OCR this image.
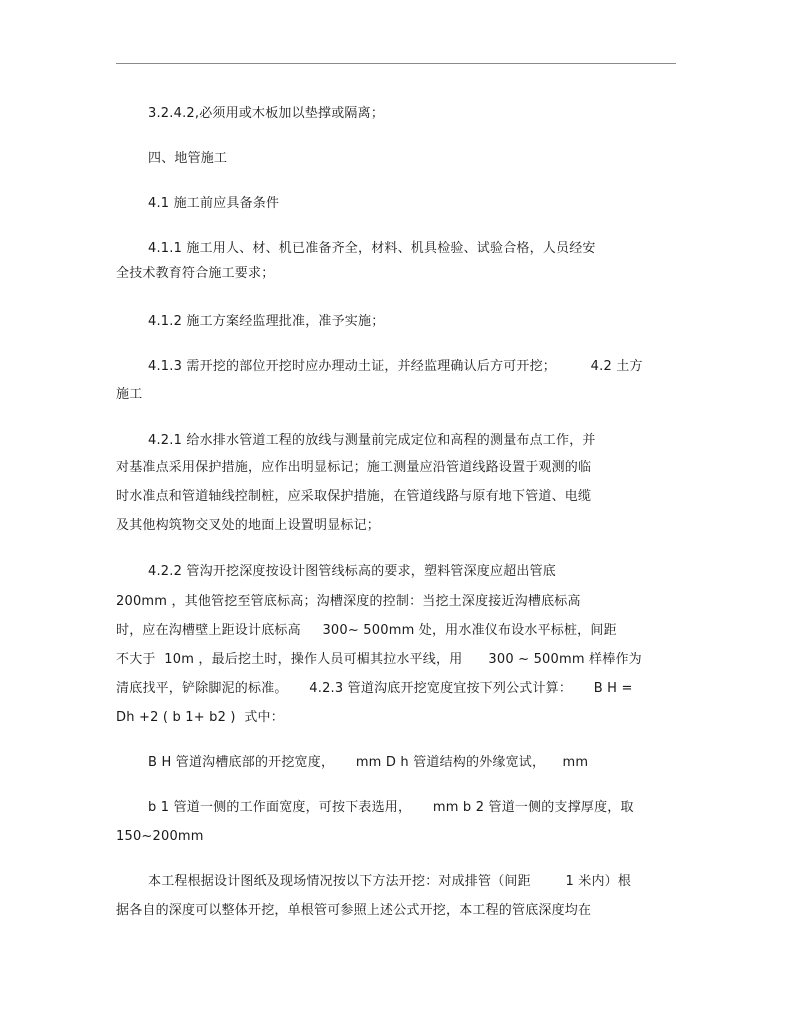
3.2.4.2,必须用或木板加以垫撑或隔离；
四、地管施工
4.1 施工前应具备条件
4.1.1 施工用人、材、机已准备齐全，材料、机具检验、试验合格，人员经安
全技术教育符合施工要求；
4.1.2 施工方案经监理批准，准予实施；
4.1.3 需开挖的部位开挖时应办理动土证，并经监理确认后方可开挖；        4.2 土方
施工
4.2.1 给水排水管道工程的放线与测量前完成定位和高程的测量布点工作，并
对基准点采用保护措施，应作出明显标记；施工测量应沿管道线路设置于观测的临
时水准点和管道轴线控制桩，应采取保护措施，在管道线路与原有地下管道、电缆
及其他构筑物交叉处的地面上设置明显标记；
4.2.2 管沟开挖深度按设计图管线标高的要求，塑料管深度应超出管底
200mm ，其他管挖至管底标高；沟槽深度的控制：当挖土深度接近沟槽底标高
时，应在沟槽壁上距设计底标高     300~ 500mm 处，用水准仪布设水平标桩，间距
不大于  10m ，最后挖土时，操作人员可楣其拉水平线，用      300 ~ 500mm 样棒作为
清底找平，铲除脚泥的标准。     4.2.3 管道沟底开挖宽度宜按下列公式计算：     B H =
Dh +2 ( b 1+ b2 )  式中：
B H 管道沟槽底部的开挖宽度，     mm D h 管道结构的外缘宽试，    mm
b 1 管道一侧的工作面宽度，可按下表选用，     mm b 2 管道一侧的支撑厚度，取
150~200mm
本工程根据设计图纸及现场情况按以下方法开挖：对成排管（间距        1 米内）根
据各自的深度可以整体开挖，单根管可参照上述公式开挖，本工程的管底深度均在
